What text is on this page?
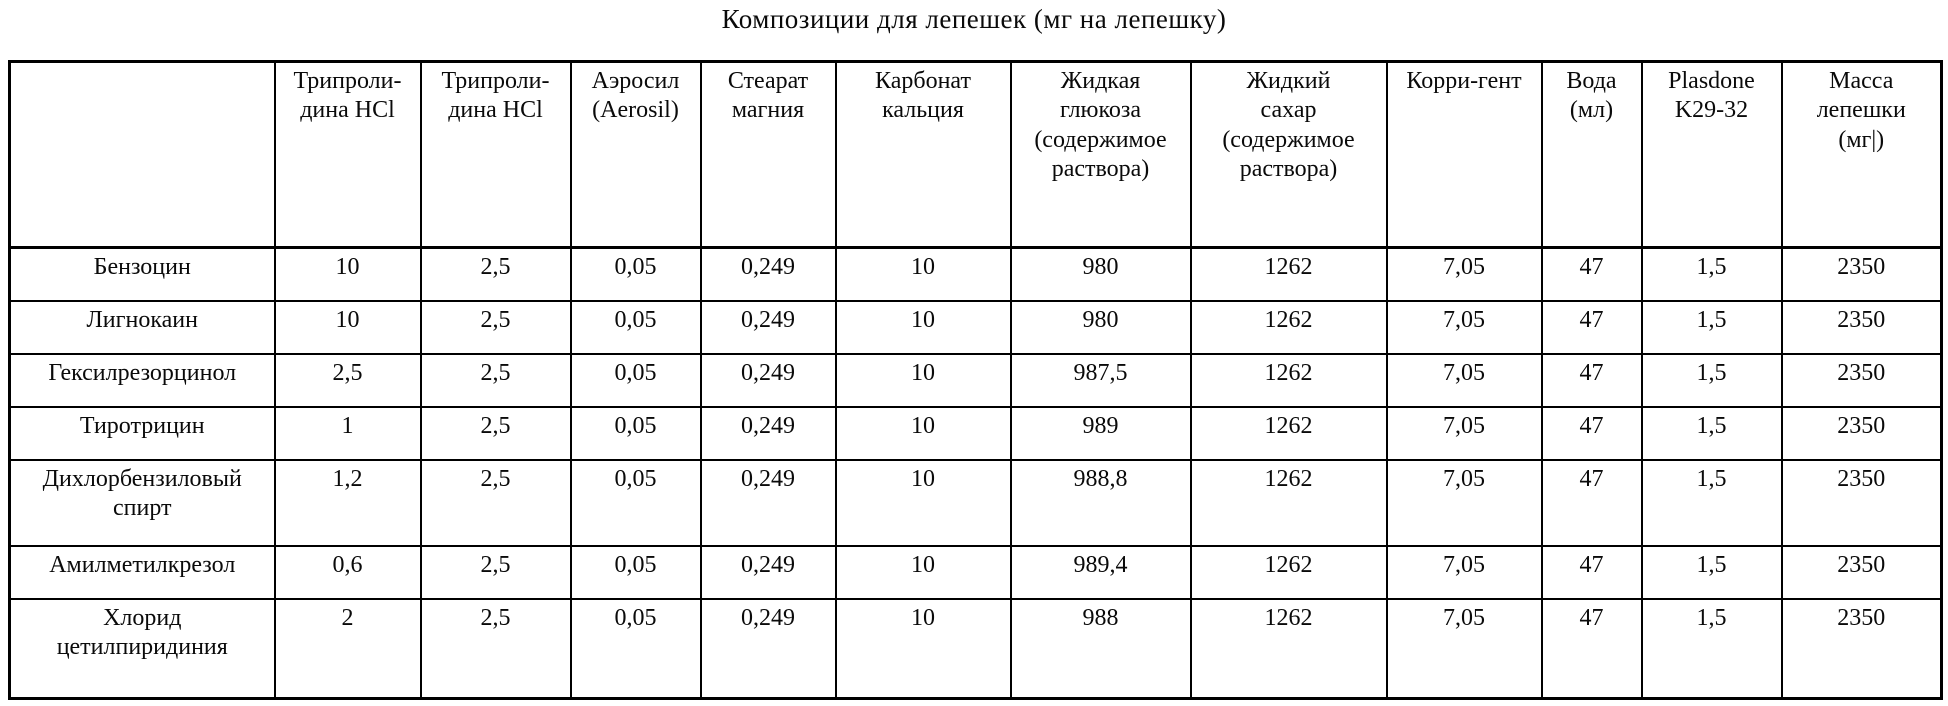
Композиции для лепешек (мг на лепешку)
	Трипроли-
дина HCl	Трипроли-
дина HCl	Аэросил
(Aerosil)	Стеарат
магния	Карбонат
кальция	Жидкая
глюкоза
(содержимое
раствора)	Жидкий
сахар
(содержимое
раствора)	Корри-гент	Вода
(мл)	Plasdone
K29-32	Масса
лепешки
(мг|)
Бензоцин	10	2,5	0,05	0,249	10	980	1262	7,05	47	1,5	2350
Лигнокаин	10	2,5	0,05	0,249	10	980	1262	7,05	47	1,5	2350
Гексилрезорцинол	2,5	2,5	0,05	0,249	10	987,5	1262	7,05	47	1,5	2350
Тиротрицин	1	2,5	0,05	0,249	10	989	1262	7,05	47	1,5	2350
Дихлорбензиловый
спирт	1,2	2,5	0,05	0,249	10	988,8	1262	7,05	47	1,5	2350
Амилметилкрезол	0,6	2,5	0,05	0,249	10	989,4	1262	7,05	47	1,5	2350
Хлорид
цетилпиридиния	2	2,5	0,05	0,249	10	988	1262	7,05	47	1,5	2350
